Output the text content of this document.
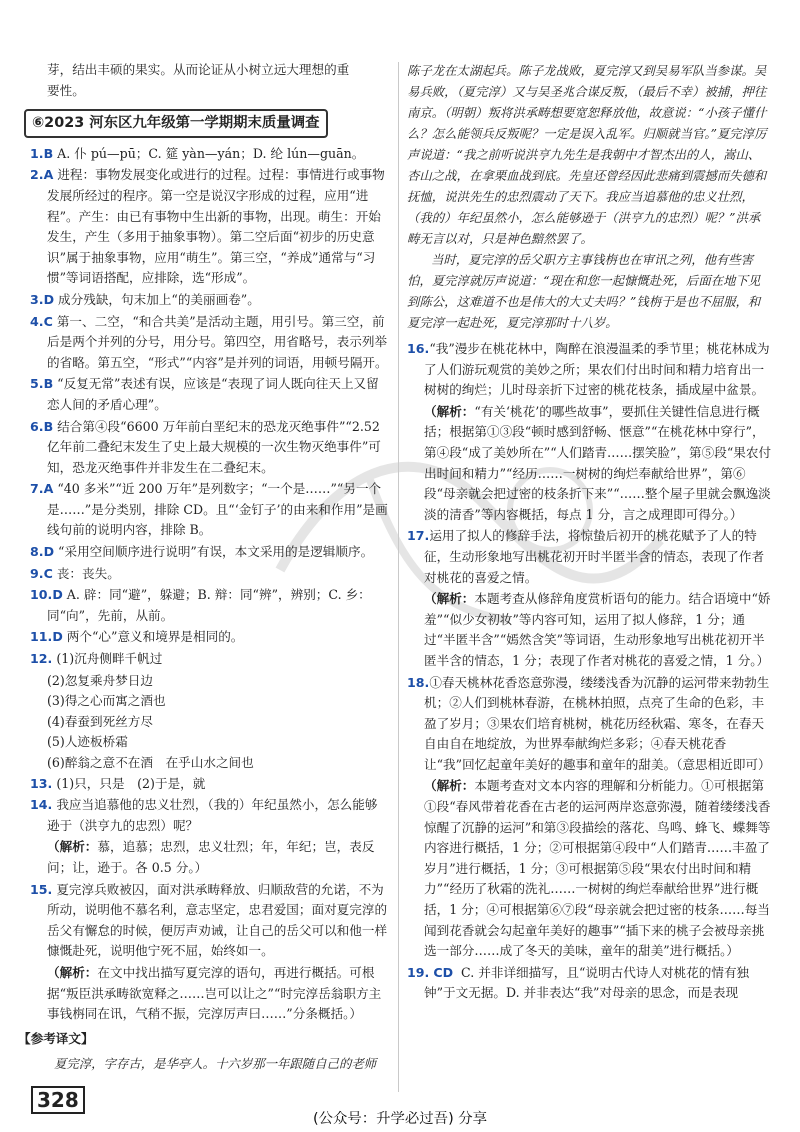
芽，结出丰硕的果实。从而论证从小树立远大理想的重

要性。

⑥2023 河东区九年级第一学期期末质量调查

1.B A. 仆 pú—pū；C. 筵 yàn—yán；D. 纶 lún—guān。

2.A 进程：事物发展变化或进行的过程。过程：事情进行或事物发展所经过的程序。第一空是说汉字形成的过程，应用“进程”。产生：由已有事物中生出新的事物，出现。萌生：开始发生，产生（多用于抽象事物）。第二空后面“初步的历史意识”属于抽象事物，应用“萌生”。第三空，“养成”通常与“习惯”等词语搭配，应排除，选“形成”。

3.D 成分残缺，句末加上“的美丽画卷”。

4.C 第一、二空，“和合共美”是活动主题，用引号。第三空，前后是两个并列的分号，用分号。第四空，用省略号，表示列举的省略。第五空，“形式”“内容”是并列的词语，用顿号隔开。

5.B “反复无常”表述有误，应该是“表现了词人既向往天上又留恋人间的矛盾心理”。

6.B 结合第④段“6600 万年前白垩纪末的恐龙灭绝事件”“2.52亿年前二叠纪末发生了史上最大规模的一次生物灭绝事件”可知，恐龙灭绝事件并非发生在二叠纪末。

7.A “40 多米”“近 200 万年”是列数字；“一个是……”“另一个是……”是分类别，排除 CD。且“‘金钉子’的由来和作用”是画线句前的说明内容，排除 B。

8.D “采用空间顺序进行说明”有误，本文采用的是逻辑顺序。

9.C 丧：丧失。

10.D A. 辟：同“避”，躲避；B. 辩：同“辨”，辨别；C. 乡：同“向”，先前，从前。

11.D 两个“心”意义和境界是相同的。

12. (1)沉舟侧畔千帆过

(2)忽复乘舟梦日边

(3)得之心而寓之酒也

(4)春蚕到死丝方尽

(5)人迹板桥霜

(6)醉翁之意不在酒　在乎山水之间也

13. (1)只，只是　(2)于是，就

14. 我应当追慕他的忠义壮烈，（我的）年纪虽然小，怎么能够逊于（洪亨九的忠烈）呢？

（解析：慕，追慕；忠烈，忠义壮烈；年，年纪；岂，表反问；让，逊于。各 0.5 分。）

15. 夏完淳兵败被囚，面对洪承畴释放、归顺敌营的允诺，不为所动，说明他不慕名利，意志坚定，忠君爱国；面对夏完淳的岳父有懈怠的时候，便厉声劝诫，让自己的岳父可以和他一样慷慨赴死，说明他宁死不屈，始终如一。

（解析：在文中找出描写夏完淳的语句，再进行概括。可根据“叛臣洪承畴欲宽释之……岂可以让之”“时完淳岳翁职方主事钱栴同在讯，气稍不振，完淳厉声曰……”分条概括。）

【参考译文】

夏完淳，字存古，是华亭人。十六岁那一年跟随自己的老师

陈子龙在太湖起兵。陈子龙战败，夏完淳又到吴易军队当参谋。吴易兵败，（夏完淳）又与吴圣兆合谋反叛，（最后不幸）被捕，押往南京。（明朝）叛将洪承畴想要宽恕释放他，故意说：“小孩子懂什么？怎么能领兵反叛呢？一定是误入乱军。归顺就当官。”夏完淳厉声说道：“我之前听说洪亨九先生是我朝中才智杰出的人，嵩山、杏山之战，在拿栗血战到底。先皇还曾经因此悲痛到震撼而失德和抚恤，说洪先生的忠烈震动了天下。我应当追慕他的忠义壮烈，（我的）年纪虽然小，怎么能够逊于（洪亨九的忠烈）呢？”洪承畴无言以对，只是神色黯然罢了。

当时，夏完淳的岳父职方主事钱栴也在审讯之列，他有些害怕，夏完淳就厉声说道：“现在和您一起慷慨赴死，后面在地下见到陈公，这难道不也是伟大的大丈夫吗？”钱栴于是也不屈服，和夏完淳一起赴死，夏完淳那时十八岁。

16.“我”漫步在桃花林中，陶醉在浪漫温柔的季节里；桃花林成为了人们游玩观赏的美妙之所；果农们付出时间和精力培育出一树树的绚烂；儿时母亲折下过密的桃花枝条，插成屋中盆景。

（解析：“有关‘桃花’的哪些故事”，要抓住关键性信息进行概括；根据第①③段“顿时感到舒畅、惬意”“在桃花林中穿行”，第④段“成了美妙所在”“人们踏青……摆笑脸”，第⑤段“果农付出时间和精力”“经历……一树树的绚烂奉献给世界”，第⑥段“母亲就会把过密的枝条折下来”“……整个屋子里就会飘逸淡淡的清香”等内容概括，每点 1 分，言之成理即可得分。）

17.运用了拟人的修辞手法，将惊蛰后初开的桃花赋予了人的特征，生动形象地写出桃花初开时半匿半含的情态，表现了作者对桃花的喜爱之情。

（解析：本题考查从修辞角度赏析语句的能力。结合语境中“娇羞”“似少女初妆”等内容可知，运用了拟人修辞，1 分；通过“半匿半含”“嫣然含笑”等词语，生动形象地写出桃花初开半匿半含的情态，1 分；表现了作者对桃花的喜爱之情，1 分。）

18.①春天桃林花香恣意弥漫，缕缕浅香为沉静的运河带来勃勃生机；②人们到桃林春游，在桃林拍照，点亮了生命的色彩，丰盈了岁月；③果农们培育桃树，桃花历经秋霜、寒冬，在春天自由自在地绽放，为世界奉献绚烂多彩；④春天桃花香让“我”回忆起童年美好的趣事和童年的甜美。（意思相近即可）

（解析：本题考查对文本内容的理解和分析能力。①可根据第①段“春风带着花香在古老的运河两岸恣意弥漫，随着缕缕浅香惊醒了沉静的运河”和第③段描绘的落花、鸟鸣、蜂飞、蝶舞等内容进行概括，1 分；②可根据第④段中“人们踏青……丰盈了岁月”进行概括，1 分；③可根据第⑤段“果农付出时间和精力”“经历了秋霜的洗礼……一树树的绚烂奉献给世界”进行概括，1 分；④可根据第⑥⑦段“母亲就会把过密的枝条……每当闻到花香就会勾起童年美好的趣事”“插下来的桃子会被母亲挑选一部分……成了冬天的美味，童年的甜美”进行概括。）

19. CD C. 并非详细描写，且“说明古代诗人对桃花的情有独钟”于文无据。D. 并非表达“我”对母亲的思念，而是表现

328
(公众号：升学必过吾) 分享
